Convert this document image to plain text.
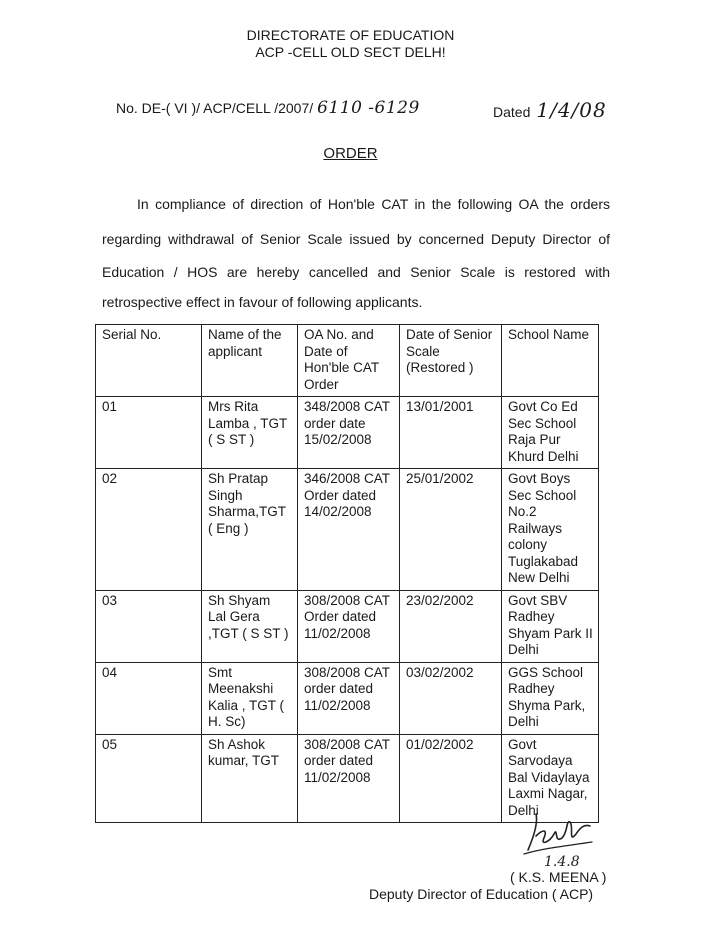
DIRECTORATE OF EDUCATION
ACP -CELL OLD SECT DELH!
No. DE-( VI )/ ACP/CELL /2007/ 6110 -6129	Dated 1/4/08
ORDER
In compliance of direction of Hon'ble CAT in the following OA the orders
regarding withdrawal of Senior Scale issued by concerned Deputy Director of
Education / HOS are hereby cancelled and Senior Scale is restored with
retrospective effect in favour of following applicants.
Serial No.	Name of the applicant	OA No. and Date of Hon'ble CAT Order	Date of Senior Scale (Restored )	School Name
01	Mrs Rita Lamba , TGT ( S ST )	348/2008 CAT order date 15/02/2008	13/01/2001	Govt Co Ed Sec School Raja Pur Khurd Delhi
02	Sh Pratap Singh Sharma,TGT ( Eng )	346/2008 CAT Order dated 14/02/2008	25/01/2002	Govt Boys Sec School No.2 Railways colony Tuglakabad New Delhi
03	Sh Shyam Lal Gera ,TGT ( S ST )	308/2008 CAT Order dated 11/02/2008	23/02/2002	Govt SBV Radhey Shyam Park II Delhi
04	Smt Meenakshi Kalia , TGT ( H. Sc)	308/2008 CAT order dated 11/02/2008	03/02/2002	GGS School Radhey Shyma Park, Delhi
05	Sh Ashok kumar, TGT	308/2008 CAT order dated 11/02/2008	01/02/2002	Govt Sarvodaya Bal Vidaylaya Laxmi Nagar, Delhi
1.4.8
( K.S. MEENA )
Deputy Director of Education ( ACP)
